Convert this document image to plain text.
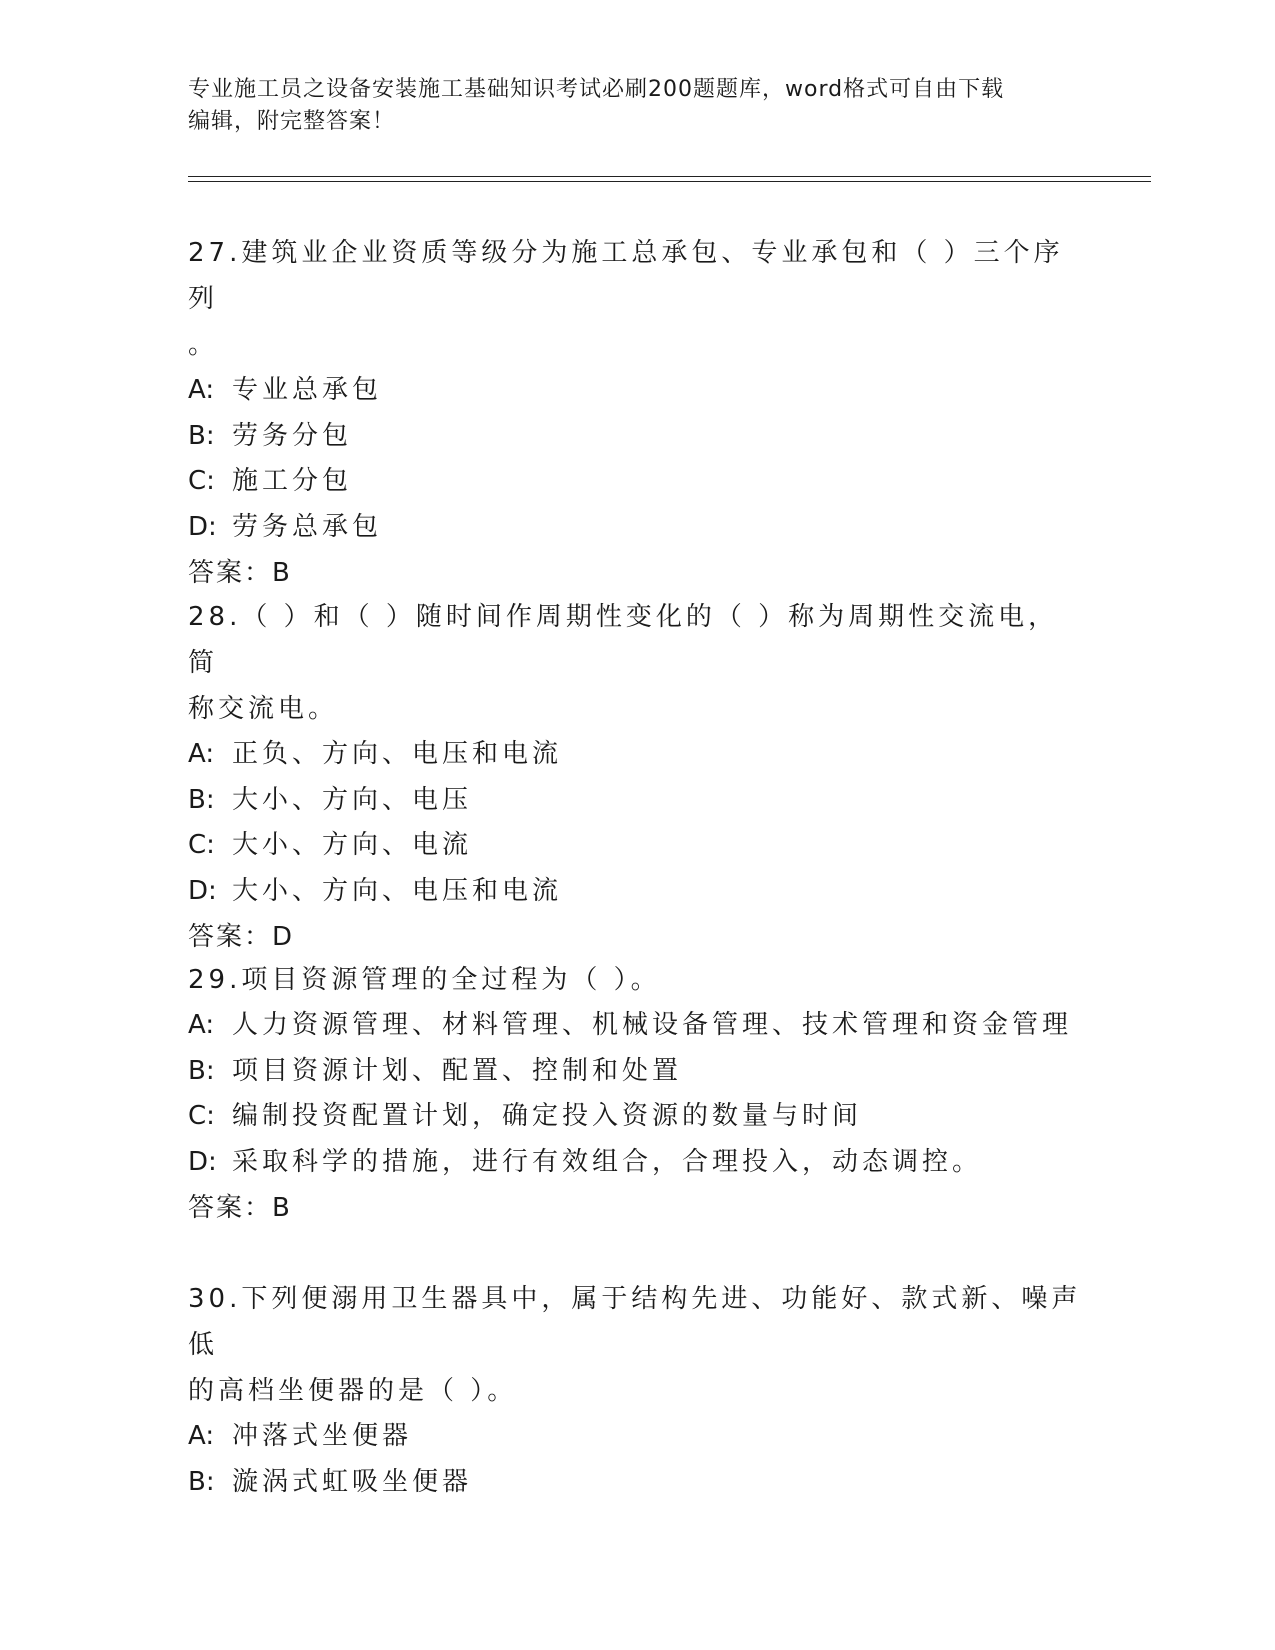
专业施工员之设备安装施工基础知识考试必刷200题题库，word格式可自由下载
编辑，附完整答案！
27.建筑业企业资质等级分为施工总承包、专业承包和（ ）三个序列
。
A: 专业总承包
B: 劳务分包
C: 施工分包
D: 劳务总承包
答案： B
28.（ ）和（ ）随时间作周期性变化的（ ）称为周期性交流电，简
称交流电。
A: 正负、方向、电压和电流
B: 大小、方向、电压
C: 大小、方向、电流
D: 大小、方向、电压和电流
答案： D
29.项目资源管理的全过程为（ ）。
A: 人力资源管理、材料管理、机械设备管理、技术管理和资金管理
B: 项目资源计划、配置、控制和处置
C: 编制投资配置计划，确定投入资源的数量与时间
D: 采取科学的措施，进行有效组合，合理投入，动态调控。
答案： B
30.下列便溺用卫生器具中，属于结构先进、功能好、款式新、噪声低
的高档坐便器的是（ ）。
A: 冲落式坐便器
B: 漩涡式虹吸坐便器
